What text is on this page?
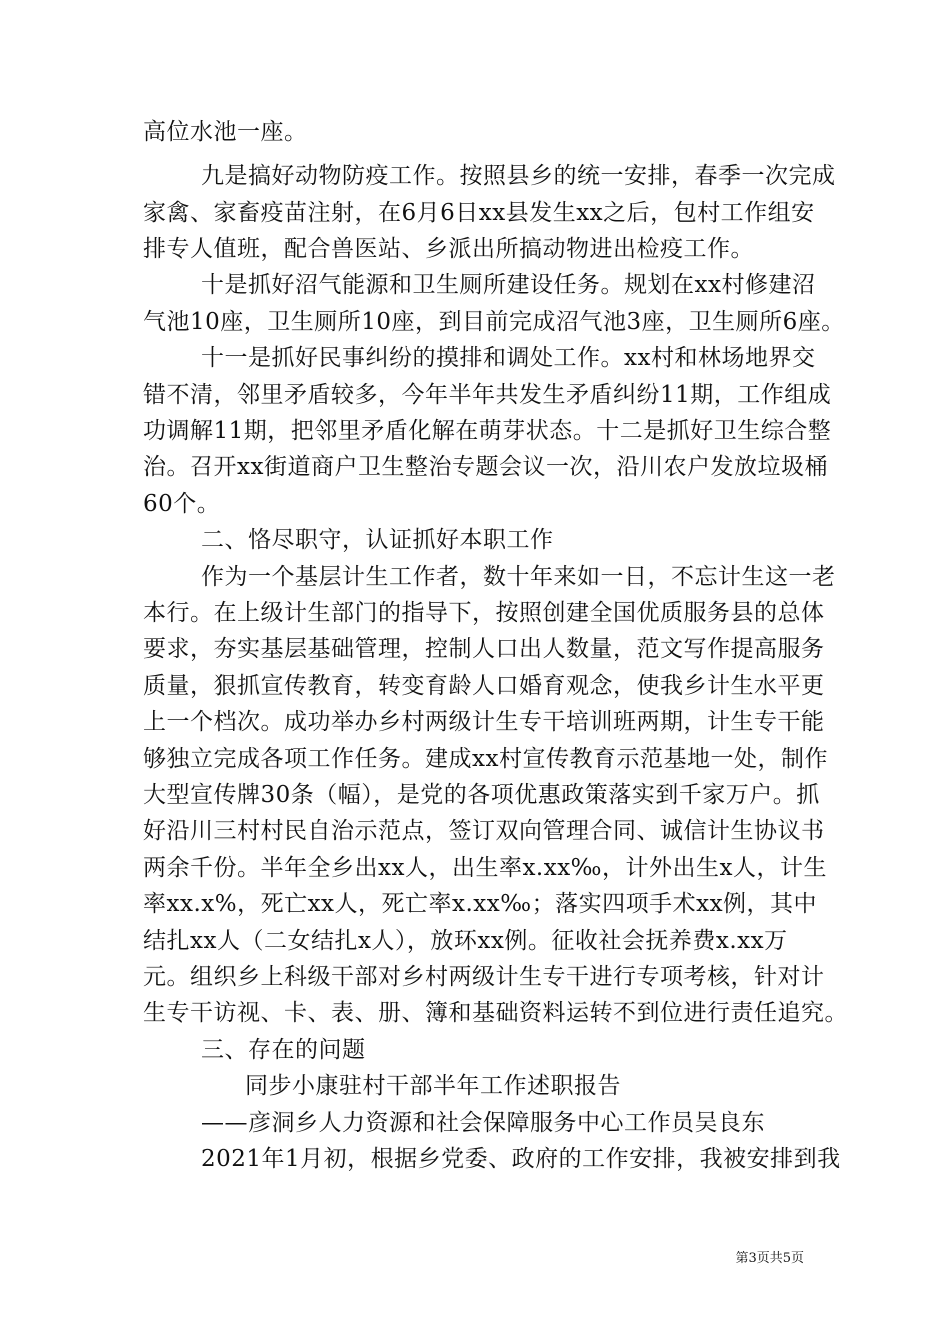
高位水池一座。
九是搞好动物防疫工作。按照县乡的统一安排，春季一次完成
家禽、家畜疫苗注射，在6月6日xx县发生xx之后，包村工作组安
排专人值班，配合兽医站、乡派出所搞动物进出检疫工作。
十是抓好沼气能源和卫生厕所建设任务。规划在xx村修建沼
气池10座，卫生厕所10座，到目前完成沼气池3座，卫生厕所6座。
十一是抓好民事纠纷的摸排和调处工作。xx村和林场地界交
错不清，邻里矛盾较多，今年半年共发生矛盾纠纷11期，工作组成
功调解11期，把邻里矛盾化解在萌芽状态。十二是抓好卫生综合整
治。召开xx街道商户卫生整治专题会议一次，沿川农户发放垃圾桶
60个。
二、恪尽职守，认证抓好本职工作
作为一个基层计生工作者，数十年来如一日，不忘计生这一老
本行。在上级计生部门的指导下，按照创建全国优质服务县的总体
要求，夯实基层基础管理，控制人口出人数量，范文写作提高服务
质量，狠抓宣传教育，转变育龄人口婚育观念，使我乡计生水平更
上一个档次。成功举办乡村两级计生专干培训班两期，计生专干能
够独立完成各项工作任务。建成xx村宣传教育示范基地一处，制作
大型宣传牌30条（幅），是党的各项优惠政策落实到千家万户。抓
好沿川三村村民自治示范点，签订双向管理合同、诚信计生协议书
两余千份。半年全乡出xx人，出生率x.xx‰，计外出生x人，计生
率xx.x%，死亡xx人，死亡率x.xx‰；落实四项手术xx例，其中
结扎xx人（二女结扎x人），放环xx例。征收社会抚养费x.xx万
元。组织乡上科级干部对乡村两级计生专干进行专项考核，针对计
生专干访视、卡、表、册、簿和基础资料运转不到位进行责任追究。
三、存在的问题
同步小康驻村干部半年工作述职报告
——彦洞乡人力资源和社会保障服务中心工作员吴良东
2021年1月初，根据乡党委、政府的工作安排，我被安排到我
第3页共5页
